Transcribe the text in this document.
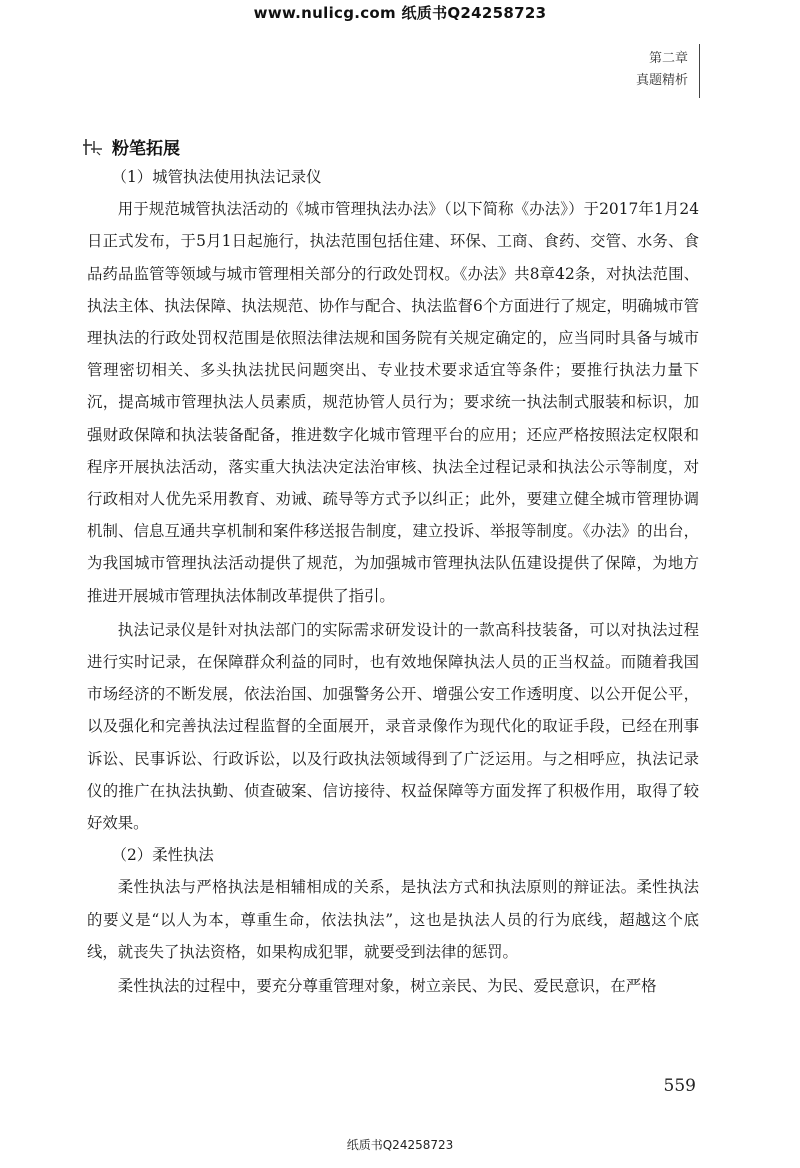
www.nulicg.com 纸质书Q24258723
第二章
真题精析
粉笔拓展

（1）城管执法使用执法记录仪

用于规范城管执法活动的《城市管理执法办法》（以下简称《办法》）于2017年1月24日正式发布，于5月1日起施行，执法范围包括住建、环保、工商、食药、交管、水务、食品药品监管等领域与城市管理相关部分的行政处罚权。《办法》共8章42条，对执法范围、执法主体、执法保障、执法规范、协作与配合、执法监督6个方面进行了规定，明确城市管理执法的行政处罚权范围是依照法律法规和国务院有关规定确定的，应当同时具备与城市管理密切相关、多头执法扰民问题突出、专业技术要求适宜等条件；要推行执法力量下沉，提高城市管理执法人员素质，规范协管人员行为；要求统一执法制式服装和标识，加强财政保障和执法装备配备，推进数字化城市管理平台的应用；还应严格按照法定权限和程序开展执法活动，落实重大执法决定法治审核、执法全过程记录和执法公示等制度，对行政相对人优先采用教育、劝诫、疏导等方式予以纠正；此外，要建立健全城市管理协调机制、信息互通共享机制和案件移送报告制度，建立投诉、举报等制度。《办法》的出台，为我国城市管理执法活动提供了规范，为加强城市管理执法队伍建设提供了保障，为地方推进开展城市管理执法体制改革提供了指引。

执法记录仪是针对执法部门的实际需求研发设计的一款高科技装备，可以对执法过程进行实时记录，在保障群众利益的同时，也有效地保障执法人员的正当权益。而随着我国市场经济的不断发展，依法治国、加强警务公开、增强公安工作透明度、以公开促公平，以及强化和完善执法过程监督的全面展开，录音录像作为现代化的取证手段，已经在刑事诉讼、民事诉讼、行政诉讼，以及行政执法领域得到了广泛运用。与之相呼应，执法记录仪的推广在执法执勤、侦查破案、信访接待、权益保障等方面发挥了积极作用，取得了较好效果。

（2）柔性执法

柔性执法与严格执法是相辅相成的关系，是执法方式和执法原则的辩证法。柔性执法的要义是“以人为本，尊重生命，依法执法”，这也是执法人员的行为底线，超越这个底线，就丧失了执法资格，如果构成犯罪，就要受到法律的惩罚。

柔性执法的过程中，要充分尊重管理对象，树立亲民、为民、爱民意识，在严格

559
纸质书Q24258723
